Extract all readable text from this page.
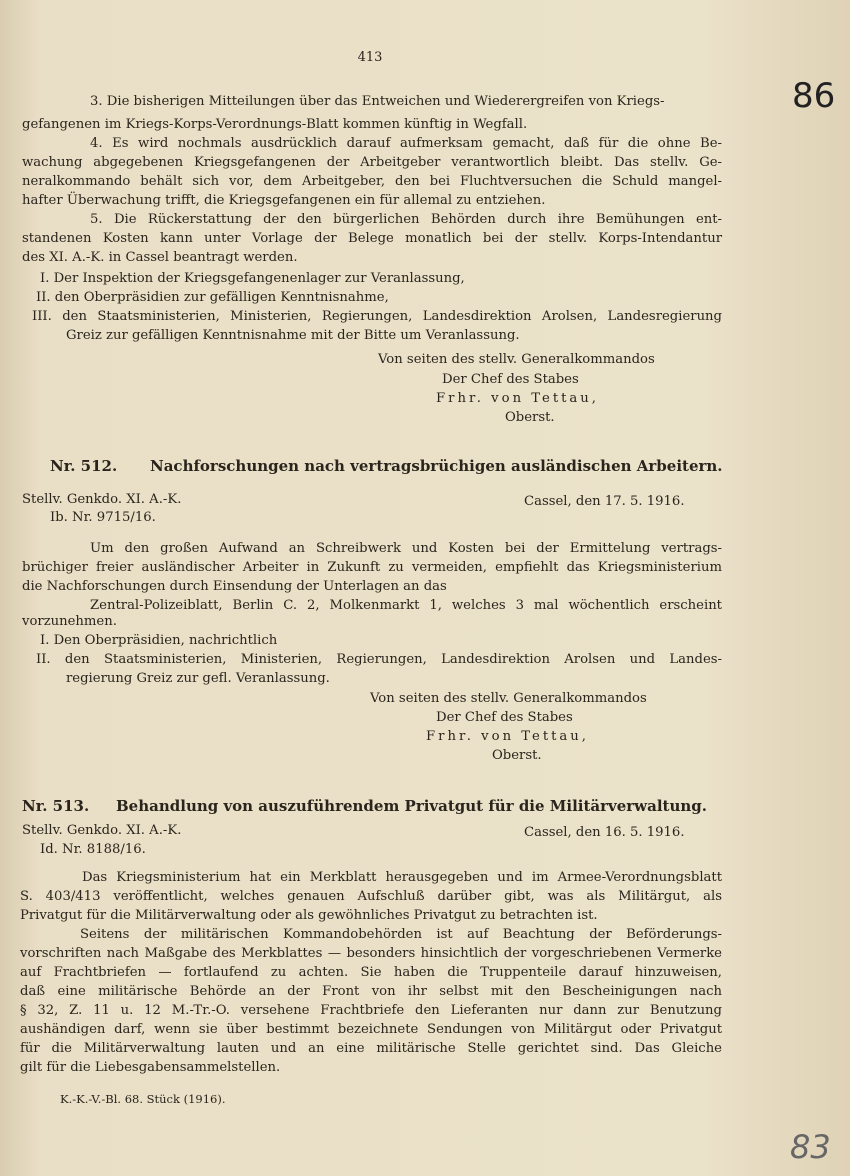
413
86
3. Die bisherigen Mitteilungen über das Entweichen und Wiederergreifen von Kriegs-
gefangenen im Kriegs-Korps-Verordnungs-Blatt kommen künftig in Wegfall.
4. Es wird nochmals ausdrücklich darauf aufmerksam gemacht, daß für die ohne Be-
wachung abgegebenen Kriegsgefangenen der Arbeitgeber verantwortlich bleibt. Das stellv. Ge-
neralkommando behält sich vor, dem Arbeitgeber, den bei Fluchtversuchen die Schuld mangel-
hafter Überwachung trifft, die Kriegsgefangenen ein für allemal zu entziehen.
5. Die Rückerstattung der den bürgerlichen Behörden durch ihre Bemühungen ent-
standenen Kosten kann unter Vorlage der Belege monatlich bei der stellv. Korps-Intendantur
des XI. A.-K. in Cassel beantragt werden.
I. Der Inspektion der Kriegsgefangenenlager zur Veranlassung,
II. den Oberpräsidien zur gefälligen Kenntnisnahme,
III. den Staatsministerien, Ministerien, Regierungen, Landesdirektion Arolsen, Landesregierung
Greiz zur gefälligen Kenntnisnahme mit der Bitte um Veranlassung.
Von seiten des stellv. Generalkommandos
Der Chef des Stabes
Frhr. von Tettau,
Oberst.
Nr. 512. Nachforschungen nach vertragsbrüchigen ausländischen Arbeitern.
Stellv. Genkdo. XI. A.-K.	Cassel, den 17. 5. 1916.
Ib. Nr. 9715/16.
Um den großen Aufwand an Schreibwerk und Kosten bei der Ermittelung vertrags-
brüchiger freier ausländischer Arbeiter in Zukunft zu vermeiden, empfiehlt das Kriegsministerium
die Nachforschungen durch Einsendung der Unterlagen an das
Zentral-Polizeiblatt, Berlin C. 2, Molkenmarkt 1, welches 3 mal wöchentlich erscheint
vorzunehmen.
I. Den Oberpräsidien, nachrichtlich
II. den Staatsministerien, Ministerien, Regierungen, Landesdirektion Arolsen und Landes-
regierung Greiz zur gefl. Veranlassung.
Von seiten des stellv. Generalkommandos
Der Chef des Stabes
Frhr. von Tettau,
Oberst.
Nr. 513. Behandlung von auszuführendem Privatgut für die Militärverwaltung.
Stellv. Genkdo. XI. A.-K.	Cassel, den 16. 5. 1916.
Id. Nr. 8188/16.
Das Kriegsministerium hat ein Merkblatt herausgegeben und im Armee-Verordnungsblatt
S. 403/413 veröffentlicht, welches genauen Aufschluß darüber gibt, was als Militärgut, als
Privatgut für die Militärverwaltung oder als gewöhnliches Privatgut zu betrachten ist.
Seitens der militärischen Kommandobehörden ist auf Beachtung der Beförderungs-
vorschriften nach Maßgabe des Merkblattes — besonders hinsichtlich der vorgeschriebenen Vermerke
auf Frachtbriefen — fortlaufend zu achten. Sie haben die Truppenteile darauf hinzuweisen,
daß eine militärische Behörde an der Front von ihr selbst mit den Bescheinigungen nach
§ 32, Z. 11 u. 12 M.-Tr.-O. versehene Frachtbriefe den Lieferanten nur dann zur Benutzung
aushändigen darf, wenn sie über bestimmt bezeichnete Sendungen von Militärgut oder Privatgut
für die Militärverwaltung lauten und an eine militärische Stelle gerichtet sind. Das Gleiche
gilt für die Liebesgabensammelstellen.
K.-K.-V.-Bl. 68. Stück (1916).
83
